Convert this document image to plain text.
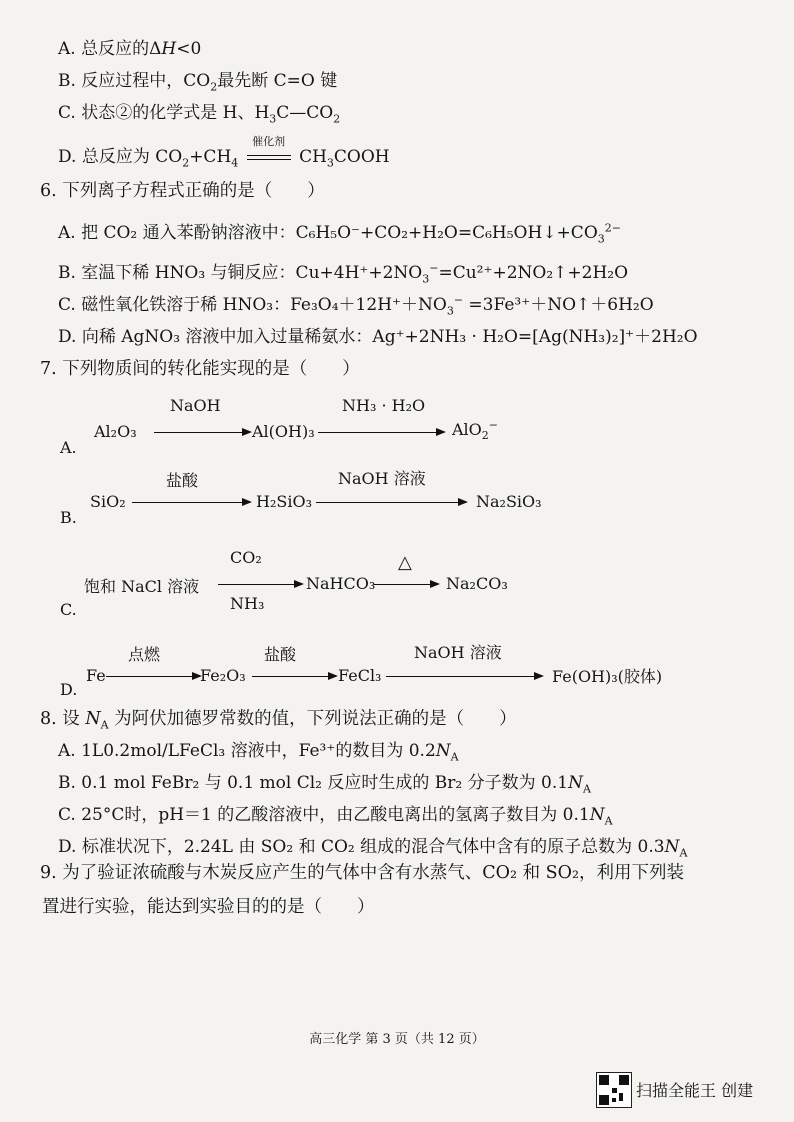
A. 总反应的ΔH<0
B. 反应过程中，$CO_2$最先断 C=O 键
C. 状态②的化学式是 H、$H_3C—CO_2$
D. 总反应为 $CO_2+CH_4$
催化剂
$CH_3COOH$
6. 下列离子方程式正确的是（　　）
A. 把 CO₂ 通入苯酚钠溶液中：$C_6H_5O^-+CO_2+H_2O=C_6H_5OH↓+CO_3^{2-}$
B. 室温下稀 HNO₃ 与铜反应：$Cu+4H^++2NO_3^-=Cu^{2+}+2NO_2↑+2H_2O$
C. 磁性氧化铁溶于稀 HNO₃：$Fe_3O_4+12H^++NO_3^-$ =3Fe³⁺＋NO↑＋6H₂O
D. 向稀 AgNO₃ 溶液中加入过量稀氨水：Ag⁺+2NH₃ · H₂O=[Ag(NH₃)₂]⁺＋2H₂O
7. 下列物质间的转化能实现的是（　　）
A.
Al₂O₃
NaOH
Al(OH)₃
NH₃ · H₂O
AlO$_2$−
B.
SiO₂
盐酸
H₂SiO₃
NaOH 溶液
Na₂SiO₃
C.
饱和 NaCl 溶液
CO₂
NH₃
NaHCO₃
△
→ Na₂CO₃
D.
Fe
点燃
Fe₂O₃
盐酸
FeCl₃
NaOH 溶液
Fe(OH)₃(胶体)
8. 设 $N_A$ 为阿伏加德罗常数的值，下列说法正确的是（　　）
A. 1L0.2mol/LFeCl₃ 溶液中，Fe³⁺的数目为 $0.2N_A$
B. 0.1 mol FeBr₂ 与 0.1 mol Cl₂ 反应时生成的 Br₂ 分子数为 $0.1N_A$
C. 25°C时，pH＝1 的乙酸溶液中，由乙酸电离出的氢离子数目为 $0.1N_A$
D. 标准状况下，2.24L 由 SO₂ 和 CO₂ 组成的混合气体中含有的原子总数为 $0.3N_A$
9. 为了验证浓硫酸与木炭反应产生的气体中含有水蒸气、CO₂ 和 SO₂，利用下列装
置进行实验，能达到实验目的的是（　　）
高三化学 第 3 页（共 12 页）
扫描全能王 创建
